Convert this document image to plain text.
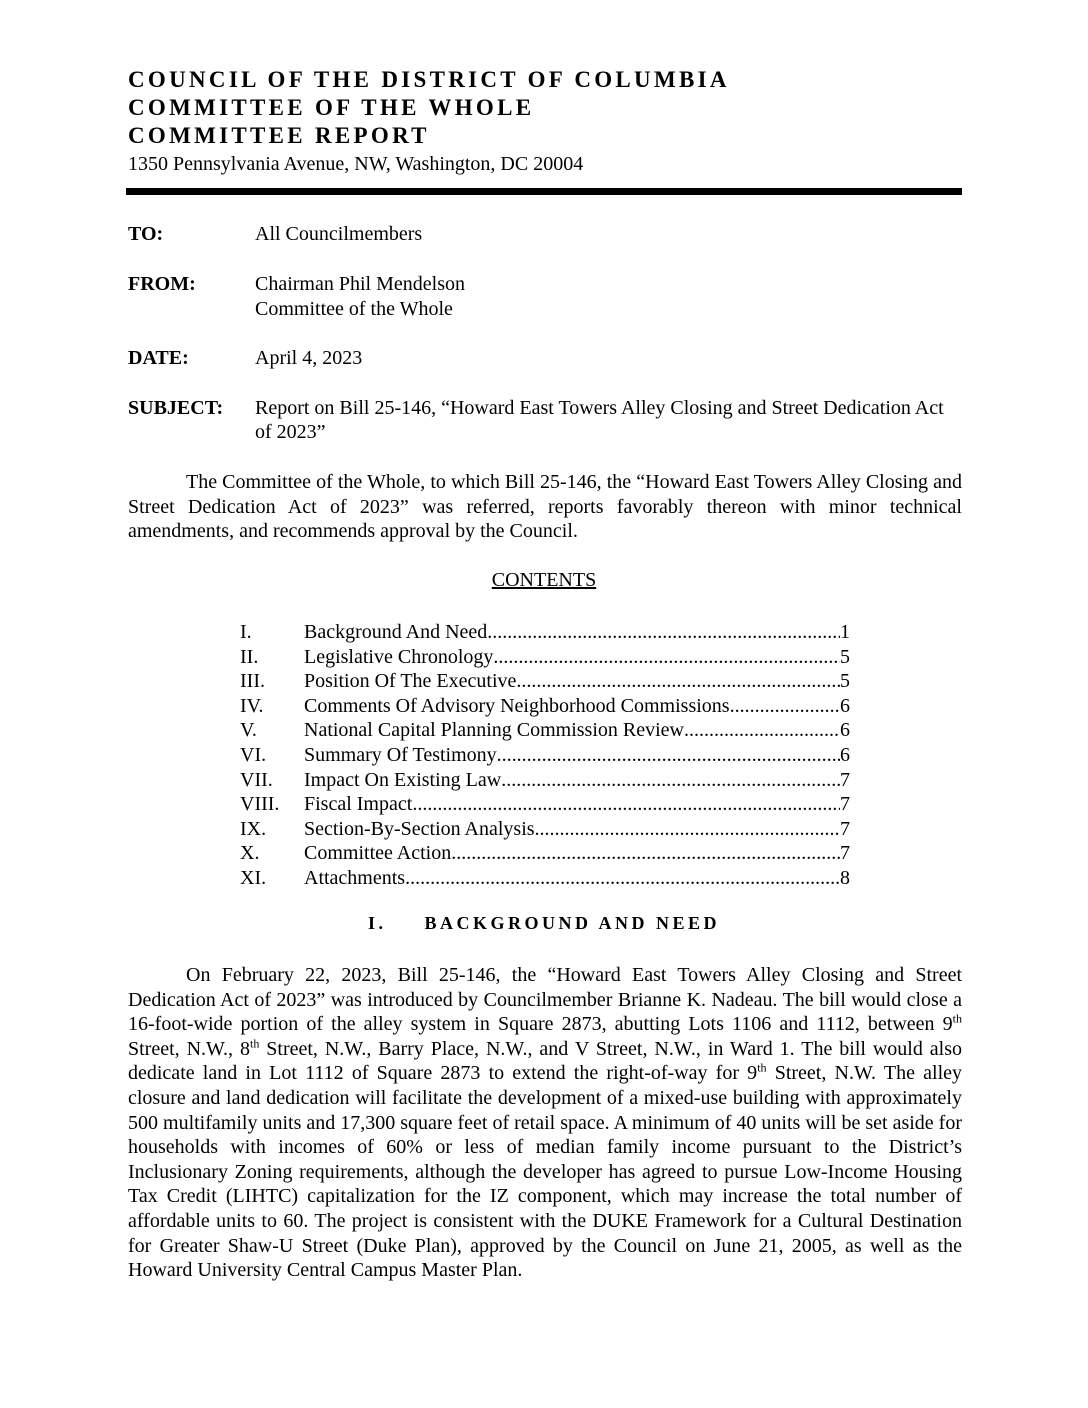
COUNCIL OF THE DISTRICT OF COLUMBIA
COMMITTEE OF THE WHOLE
COMMITTEE REPORT
1350 Pennsylvania Avenue, NW, Washington, DC 20004
TO:	All Councilmembers
FROM:	Chairman Phil Mendelson
Committee of the Whole
DATE:	April 4, 2023
SUBJECT: Report on Bill 25-146, “Howard East Towers Alley Closing and Street Dedication Act of 2023”
The Committee of the Whole, to which Bill 25-146, the “Howard East Towers Alley Closing and Street Dedication Act of 2023” was referred, reports favorably thereon with minor technical amendments, and recommends approval by the Council.
CONTENTS
I.	Background And Need .....	1
II. Legislative Chronology .....	5
III. Position Of The Executive .....	5
IV. Comments Of Advisory Neighborhood Commissions .....	6
V. National Capital Planning Commission Review .....	6
VI. Summary Of Testimony .....	6
VII. Impact On Existing Law .....	7
VIII. Fiscal Impact .....	7
IX. Section-By-Section Analysis .....	7
X. Committee Action .....	7
XI. Attachments .....	8
I. BACKGROUND AND NEED
On February 22, 2023, Bill 25-146, the “Howard East Towers Alley Closing and Street Dedication Act of 2023” was introduced by Councilmember Brianne K. Nadeau. The bill would close a 16-foot-wide portion of the alley system in Square 2873, abutting Lots 1106 and 1112, between 9th Street, N.W., 8th Street, N.W., Barry Place, N.W., and V Street, N.W., in Ward 1. The bill would also dedicate land in Lot 1112 of Square 2873 to extend the right-of-way for 9th Street, N.W. The alley closure and land dedication will facilitate the development of a mixed-use building with approximately 500 multifamily units and 17,300 square feet of retail space. A minimum of 40 units will be set aside for households with incomes of 60% or less of median family income pursuant to the District’s Inclusionary Zoning requirements, although the developer has agreed to pursue Low-Income Housing Tax Credit (LIHTC) capitalization for the IZ component, which may increase the total number of affordable units to 60. The project is consistent with the DUKE Framework for a Cultural Destination for Greater Shaw-U Street (Duke Plan), approved by the Council on June 21, 2005, as well as the Howard University Central Campus Master Plan.
